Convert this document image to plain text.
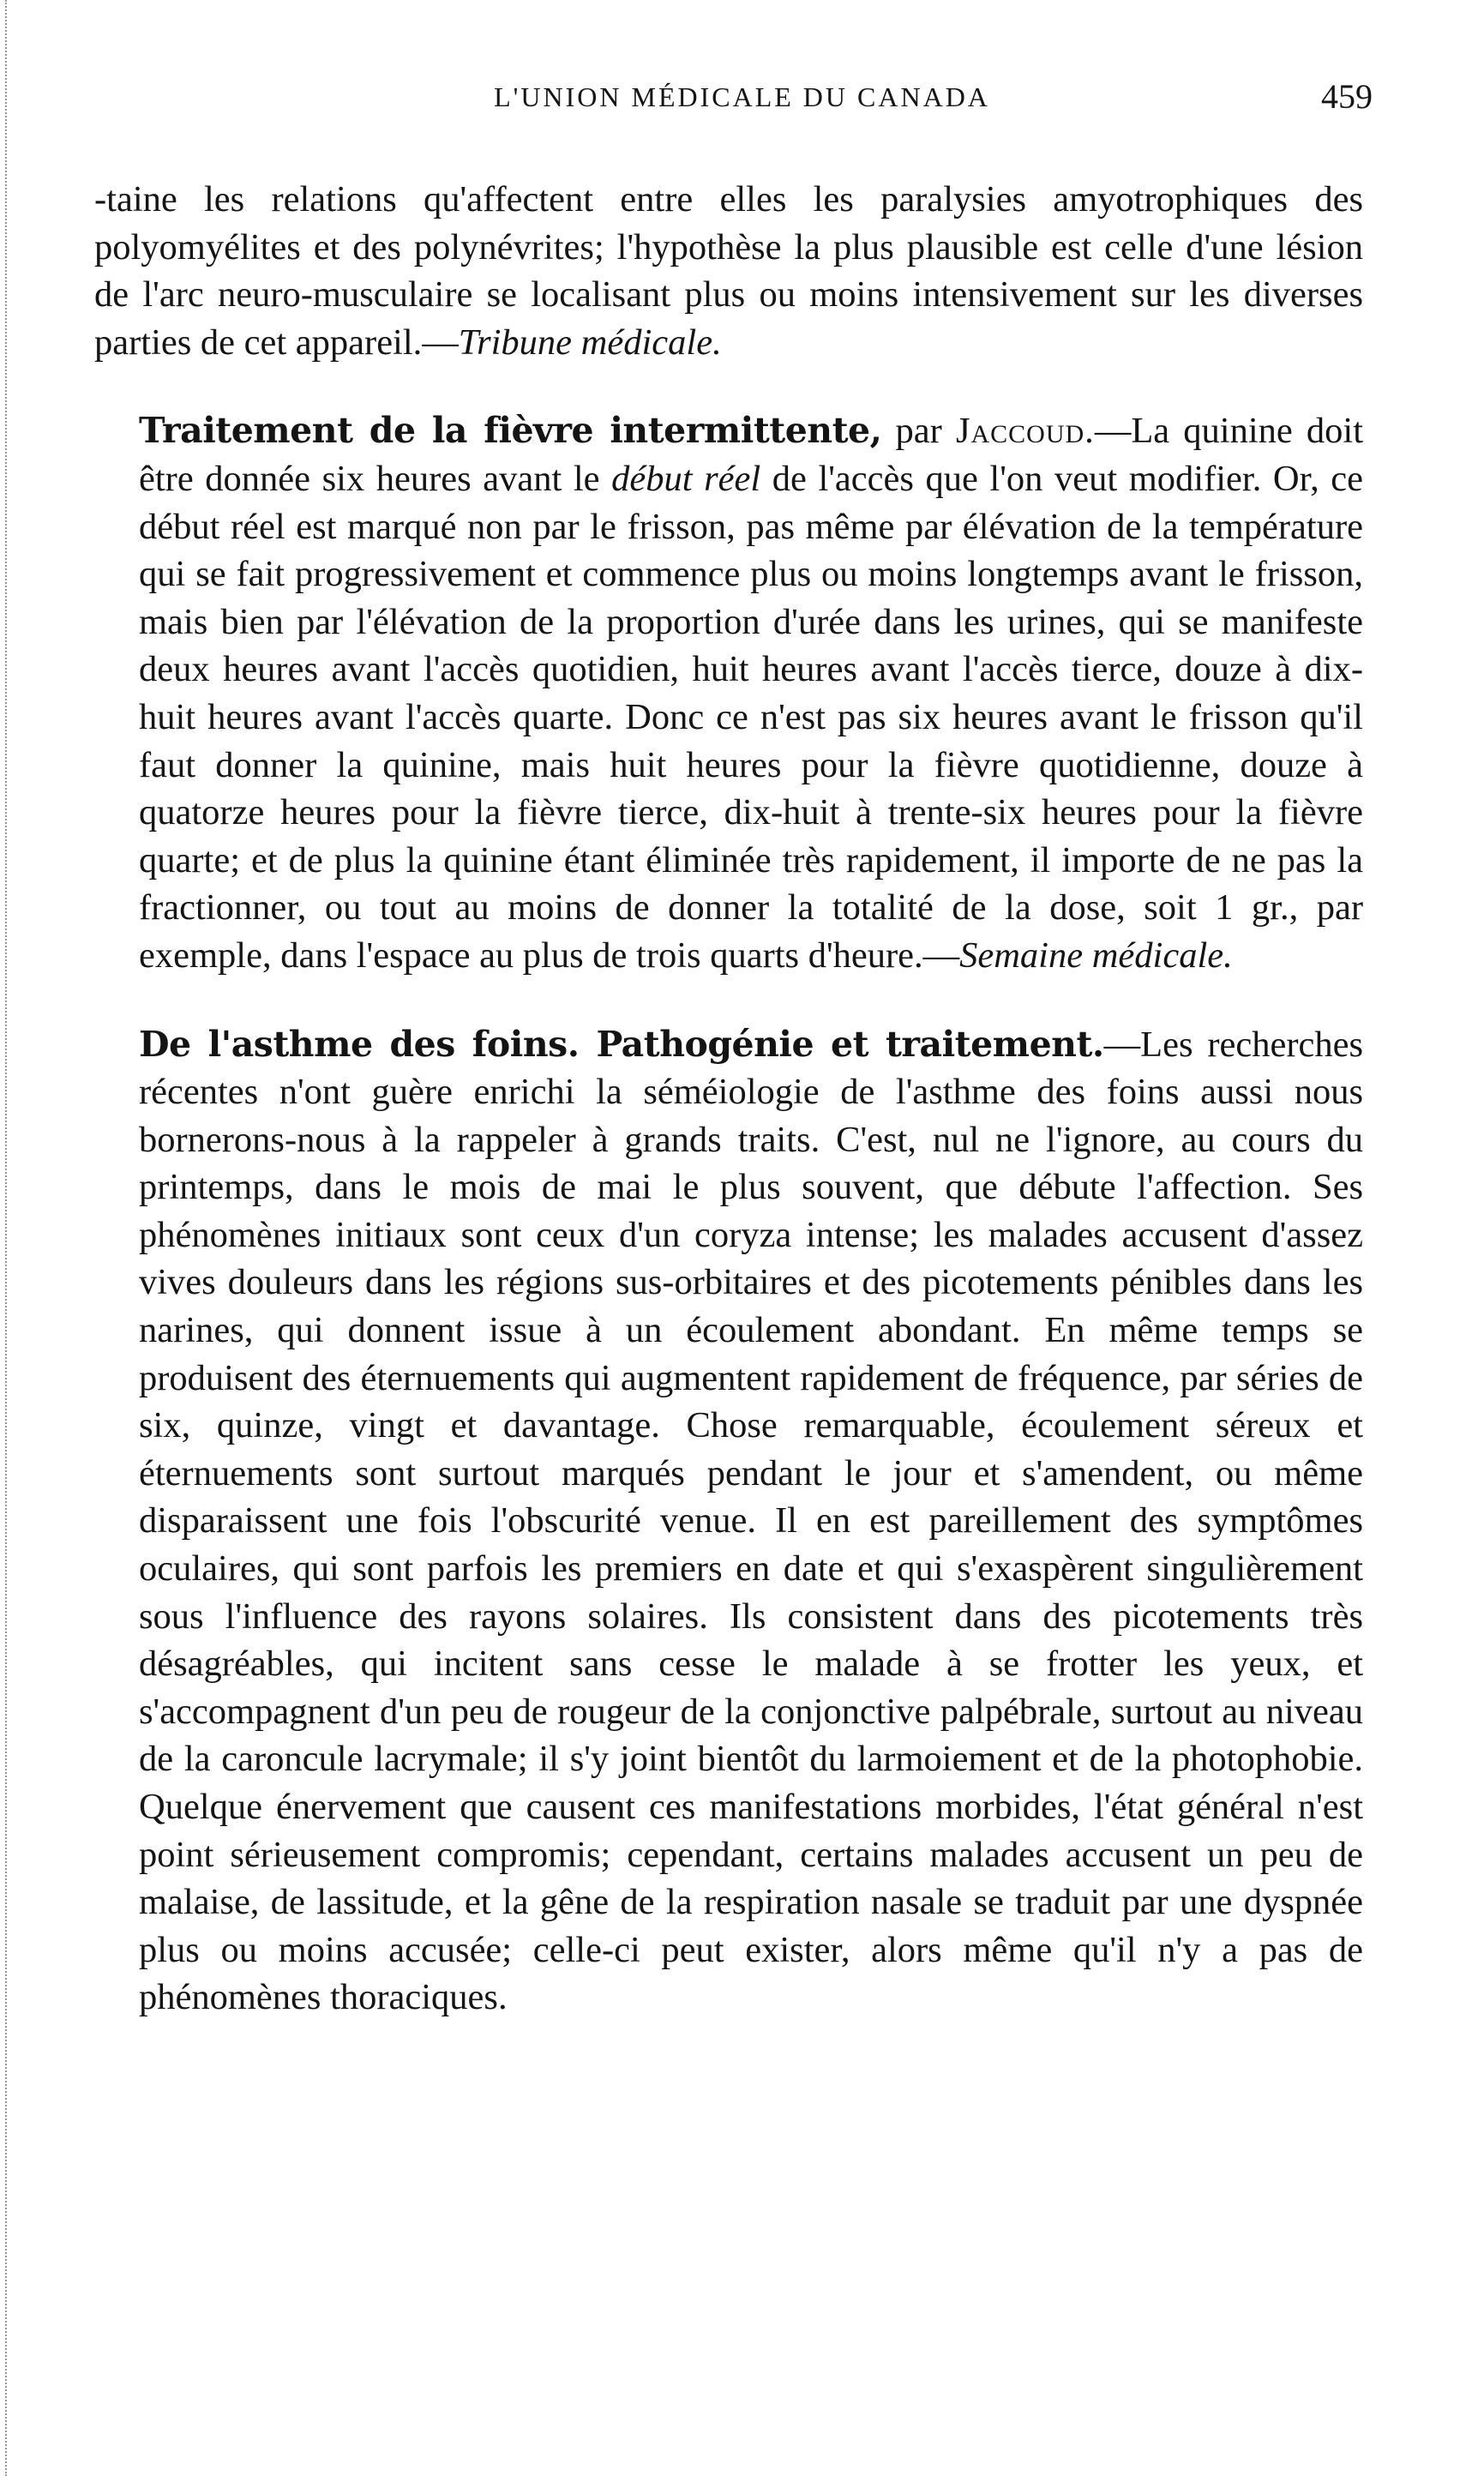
L'UNION MÉDICALE DU CANADA	459

-taine les relations qu'affectent entre elles les paralysies amyotrophiques des polyomyélites et des polynévrites; l'hypothèse la plus plausible est celle d'une lésion de l'arc neuro-musculaire se localisant plus ou moins intensivement sur les diverses parties de cet appareil.—Tribune médicale.

Traitement de la fièvre intermittente, par Jaccoud.—La quinine doit être donnée six heures avant le début réel de l'accès que l'on veut modifier. Or, ce début réel est marqué non par le frisson, pas même par élévation de la température qui se fait progressivement et commence plus ou moins longtemps avant le frisson, mais bien par l'élévation de la proportion d'urée dans les urines, qui se manifeste deux heures avant l'accès quotidien, huit heures avant l'accès tierce, douze à dix-huit heures avant l'accès quarte. Donc ce n'est pas six heures avant le frisson qu'il faut donner la quinine, mais huit heures pour la fièvre quotidienne, douze à quatorze heures pour la fièvre tierce, dix-huit à trente-six heures pour la fièvre quarte; et de plus la quinine étant éliminée très rapidement, il importe de ne pas la fractionner, ou tout au moins de donner la totalité de la dose, soit 1 gr., par exemple, dans l'espace au plus de trois quarts d'heure.—Semaine médicale.

De l'asthme des foins. Pathogénie et traitement.—Les recherches récentes n'ont guère enrichi la séméiologie de l'asthme des foins aussi nous bornerons-nous à la rappeler à grands traits. C'est, nul ne l'ignore, au cours du printemps, dans le mois de mai le plus souvent, que débute l'affection. Ses phénomènes initiaux sont ceux d'un coryza intense; les malades accusent d'assez vives douleurs dans les régions sus-orbitaires et des picotements pénibles dans les narines, qui donnent issue à un écoulement abondant. En même temps se produisent des éternuements qui augmentent rapidement de fréquence, par séries de six, quinze, vingt et davantage. Chose remarquable, écoulement séreux et éternuements sont surtout marqués pendant le jour et s'amendent, ou même disparaissent une fois l'obscurité venue. Il en est pareillement des symptômes oculaires, qui sont parfois les premiers en date et qui s'exaspèrent singulièrement sous l'influence des rayons solaires. Ils consistent dans des picotements très désagréables, qui incitent sans cesse le malade à se frotter les yeux, et s'accompagnent d'un peu de rougeur de la conjonctive palpébrale, surtout au niveau de la caroncule lacrymale; il s'y joint bientôt du larmoiement et de la photophobie. Quelque énervement que causent ces manifestations morbides, l'état général n'est point sérieusement compromis; cependant, certains malades accusent un peu de malaise, de lassitude, et la gêne de la respiration nasale se traduit par une dyspnée plus ou moins accusée; celle-ci peut exister, alors même qu'il n'y a pas de phénomènes thoraciques.
